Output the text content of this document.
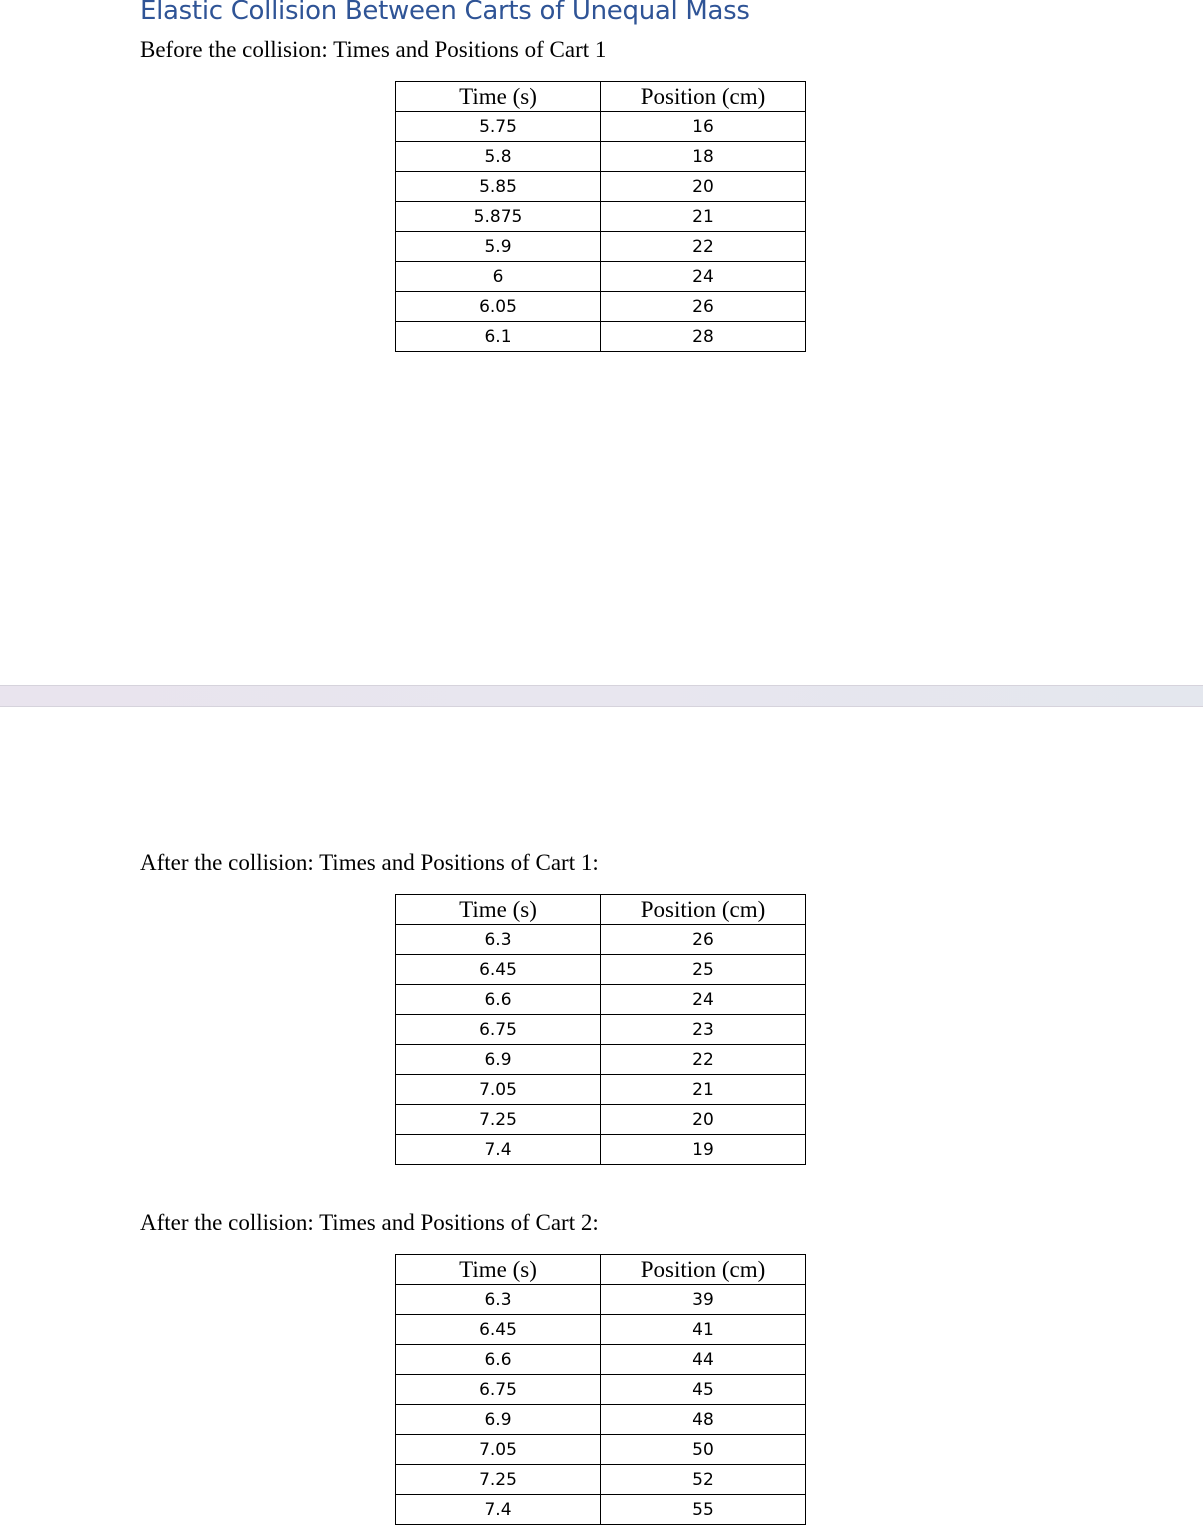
Elastic Collision Between Carts of Unequal Mass
Before the collision: Times and Positions of Cart 1
Time (s)	Position (cm)
5.75	16
5.8	18
5.85	20
5.875	21
5.9	22
6	24
6.05	26
6.1	28
After the collision: Times and Positions of Cart 1:
Time (s)	Position (cm)
6.3	26
6.45	25
6.6	24
6.75	23
6.9	22
7.05	21
7.25	20
7.4	19
After the collision: Times and Positions of Cart 2:
Time (s)	Position (cm)
6.3	39
6.45	41
6.6	44
6.75	45
6.9	48
7.05	50
7.25	52
7.4	55
